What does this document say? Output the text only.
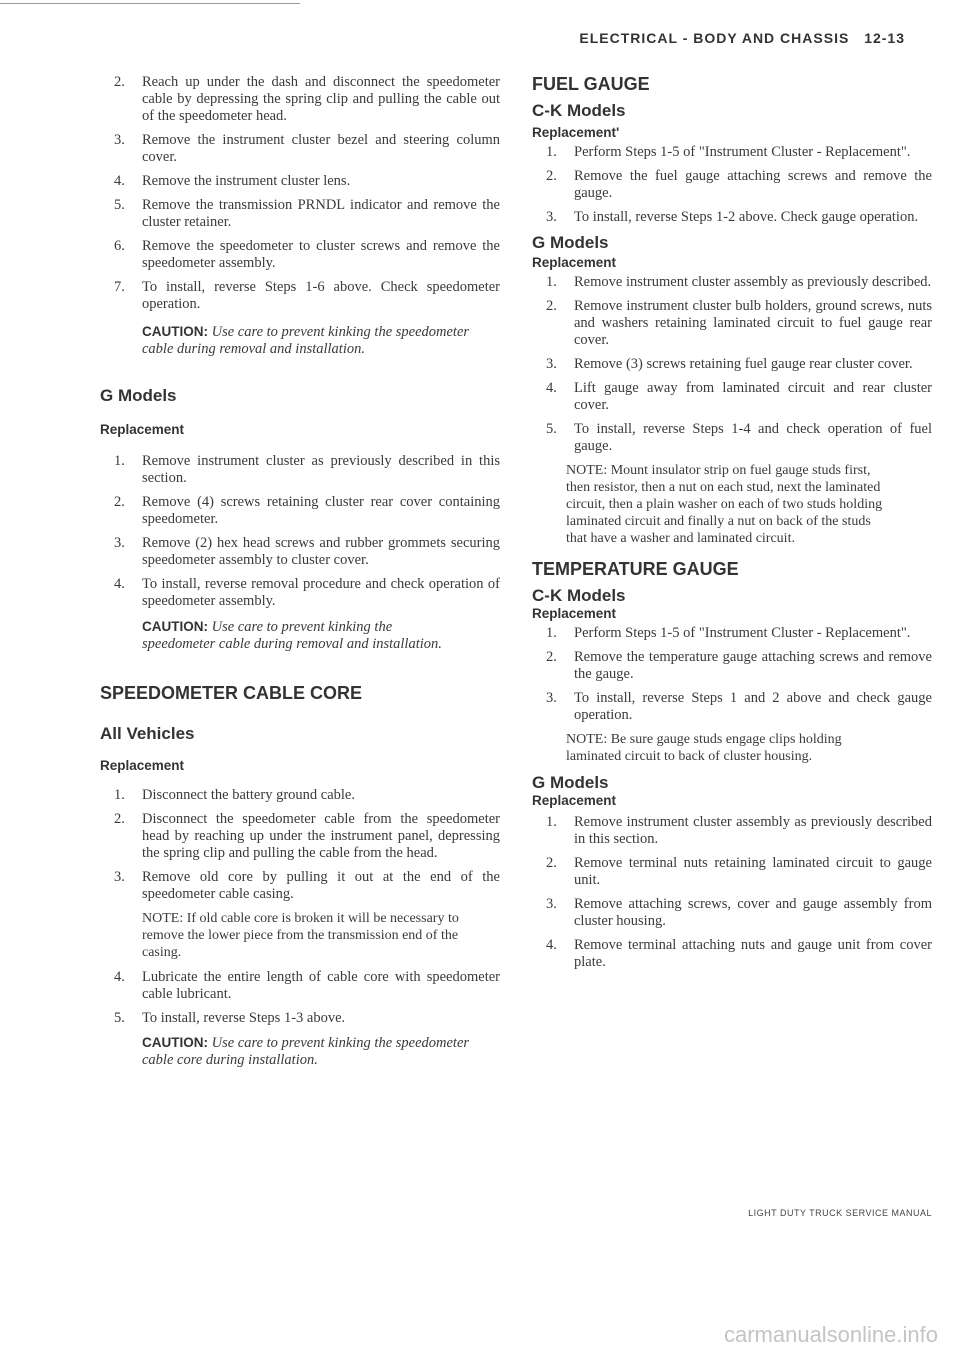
ELECTRICAL - BODY AND CHASSIS 12-13
2. Reach up under the dash and disconnect the speedometer cable by depressing the spring clip and pulling the cable out of the speedometer head.
3. Remove the instrument cluster bezel and steering column cover.
4. Remove the instrument cluster lens.
5. Remove the transmission PRNDL indicator and remove the cluster retainer.
6. Remove the speedometer to cluster screws and remove the speedometer assembly.
7. To install, reverse Steps 1-6 above. Check speedometer operation.

CAUTION: Use care to prevent kinking the speedometer cable during removal and installation.

G Models
Replacement
1. Remove instrument cluster as previously described in this section.
2. Remove (4) screws retaining cluster rear cover containing speedometer.
3. Remove (2) hex head screws and rubber grommets securing speedometer assembly to cluster cover.
4. To install, reverse removal procedure and check operation of speedometer assembly.

CAUTION: Use care to prevent kinking the speedometer cable during removal and installation.

SPEEDOMETER CABLE CORE
All Vehicles
Replacement
1. Disconnect the battery ground cable.
2. Disconnect the speedometer cable from the speedometer head by reaching up under the instrument panel, depressing the spring clip and pulling the cable from the head.
3. Remove old core by pulling it out at the end of the speedometer cable casing.

NOTE: If old cable core is broken it will be necessary to remove the lower piece from the transmission end of the casing.

4. Lubricate the entire length of cable core with speedometer cable lubricant.
5. To install, reverse Steps 1-3 above.

CAUTION: Use care to prevent kinking the speedometer cable core during installation.

FUEL GAUGE
C-K Models
Replacement'
1. Perform Steps 1-5 of "Instrument Cluster - Replacement".
2. Remove the fuel gauge attaching screws and remove the gauge.
3. To install, reverse Steps 1-2 above. Check gauge operation.
G Models
Replacement
1. Remove instrument cluster assembly as previously described.
2. Remove instrument cluster bulb holders, ground screws, nuts and washers retaining laminated circuit to fuel gauge rear cover.
3. Remove (3) screws retaining fuel gauge rear cluster cover.
4. Lift gauge away from laminated circuit and rear cluster cover.
5. To install, reverse Steps 1-4 and check operation of fuel gauge.

NOTE: Mount insulator strip on fuel gauge studs first, then resistor, then a nut on each stud, next the laminated circuit, then a plain washer on each of two studs holding laminated circuit and finally a nut on back of the studs that have a washer and laminated circuit.

TEMPERATURE GAUGE
C-K Models
Replacement
1. Perform Steps 1-5 of "Instrument Cluster - Replacement".
2. Remove the temperature gauge attaching screws and remove the gauge.
3. To install, reverse Steps 1 and 2 above and check gauge operation.

NOTE: Be sure gauge studs engage clips holding laminated circuit to back of cluster housing.

G Models
Replacement
1. Remove instrument cluster assembly as previously described in this section.
2. Remove terminal nuts retaining laminated circuit to gauge unit.
3. Remove attaching screws, cover and gauge assembly from cluster housing.
4. Remove terminal attaching nuts and gauge unit from cover plate.
LIGHT DUTY TRUCK SERVICE MANUAL
carmanualsonline.info
